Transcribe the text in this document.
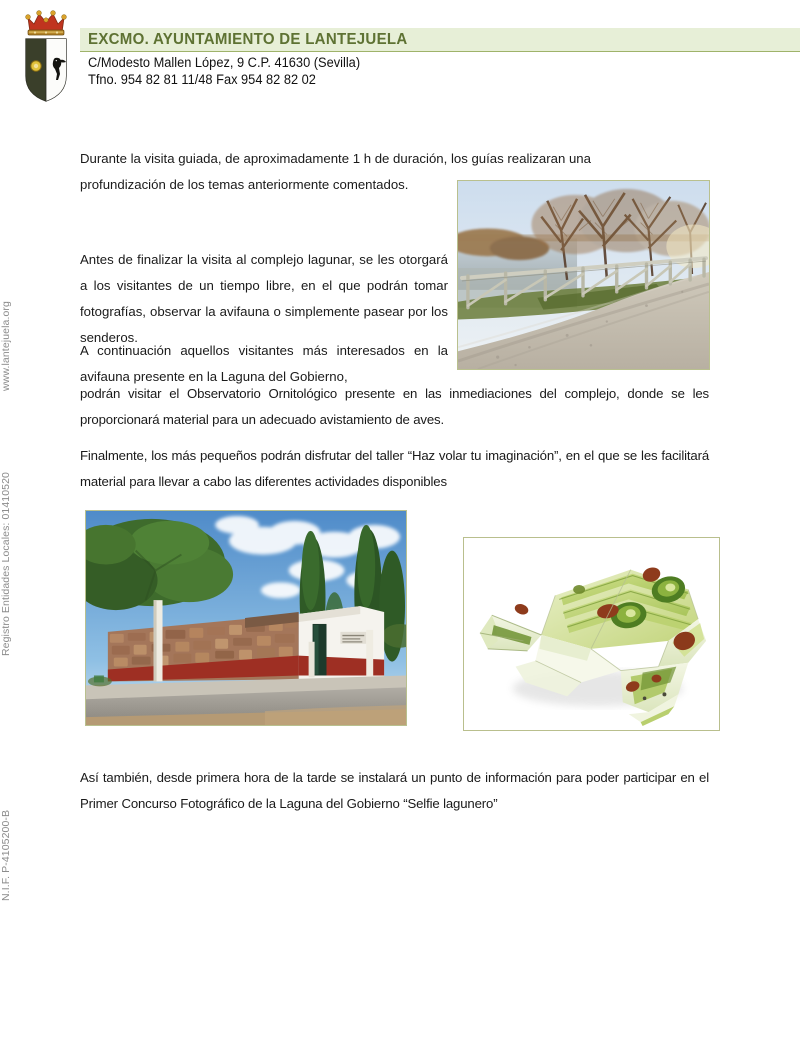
EXCMO. AYUNTAMIENTO DE LANTEJUELA
C/Modesto Mallen López, 9 C.P. 41630 (Sevilla)
Tfno. 954 82 81 11/48 Fax 954 82 82 02
www.lantejuela.org
Registro Entidades Locales: 01410520
N.I.F. P-4105200-B
Durante la visita guiada, de aproximadamente 1 h de duración, los guías realizaran una
profundización de los temas anteriormente comentados.
Antes de finalizar la visita al complejo lagunar, se les otorgará a los visitantes de un tiempo libre, en el que podrán tomar fotografías, observar la avifauna o simplemente pasear por los senderos.
A continuación aquellos visitantes más interesados en la avifauna presente en la Laguna del Gobierno,
podrán visitar el Observatorio Ornitológico presente en las inmediaciones del complejo, donde se les proporcionará material para un adecuado avistamiento de aves.
Finalmente, los más pequeños podrán disfrutar del taller “Haz volar tu imaginación”, en el que se les facilitará material para llevar a cabo las diferentes actividades disponibles
Así también, desde primera hora de la tarde se instalará un punto de información para poder participar en el Primer Concurso Fotográfico de la Laguna del Gobierno “Selfie lagunero”
